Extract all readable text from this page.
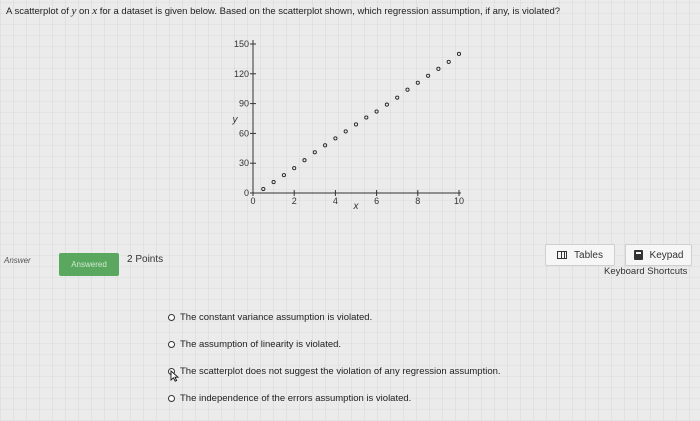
A scatterplot of y on x for a dataset is given below. Based on the scatterplot shown, which regression assumption, if any, is violated?
0	2	4	6	8	10
0
30
60
90
120
150
x
y
Answer	Answered	2 Points	Tables	Keypad
Keyboard Shortcuts
The constant variance assumption is violated.
The assumption of linearity is violated.
The scatterplot does not suggest the violation of any regression assumption.
The independence of the errors assumption is violated.
